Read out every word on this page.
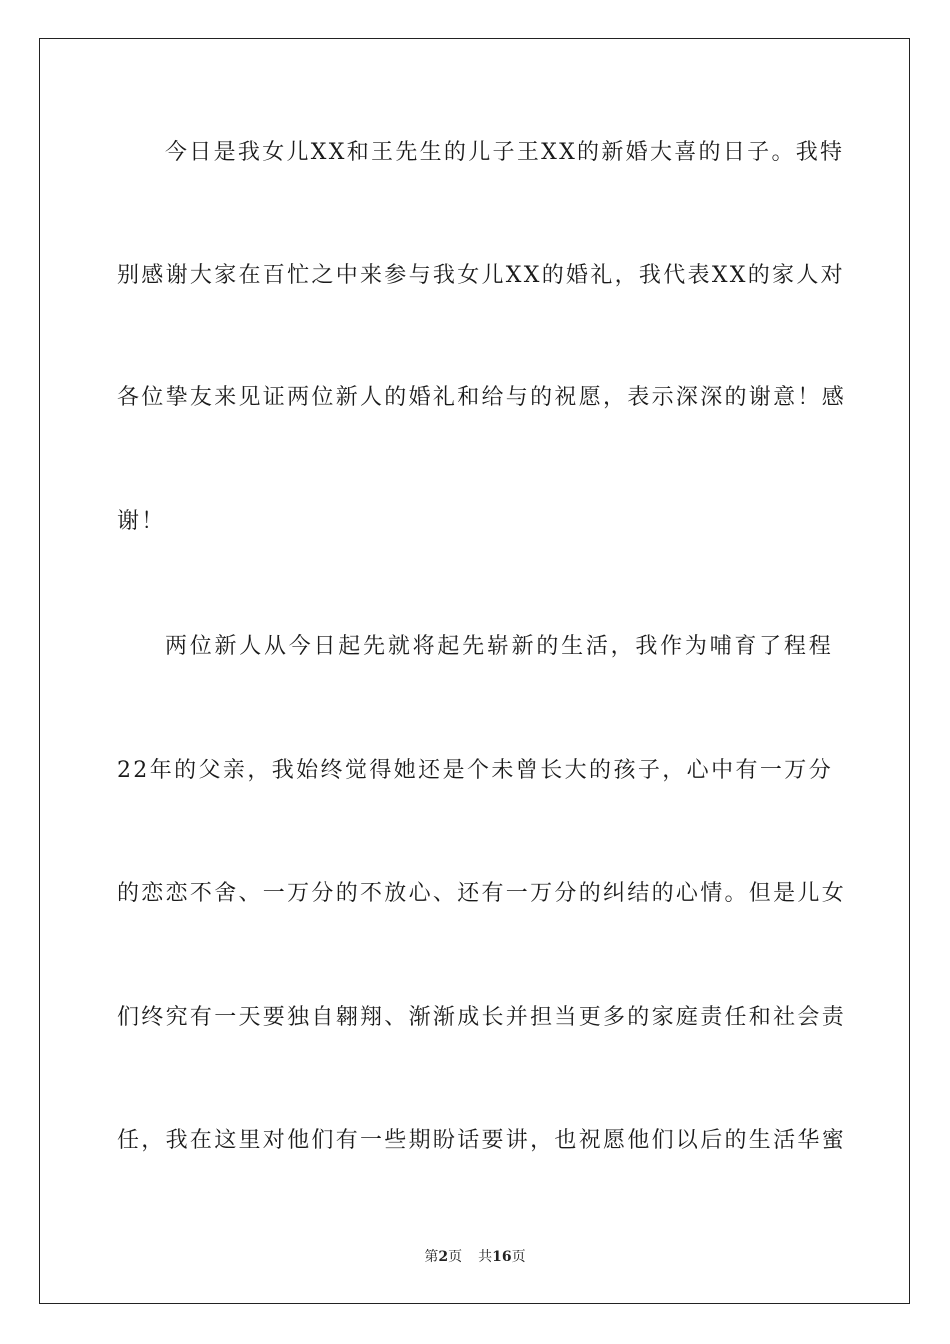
今日是我女儿XX和王先生的儿子王XX的新婚大喜的日子。我特
别感谢大家在百忙之中来参与我女儿XX的婚礼，我代表XX的家人对
各位挚友来见证两位新人的婚礼和给与的祝愿，表示深深的谢意！感
谢！
两位新人从今日起先就将起先崭新的生活，我作为哺育了程程
22年的父亲，我始终觉得她还是个未曾长大的孩子，心中有一万分
的恋恋不舍、一万分的不放心、还有一万分的纠结的心情。但是儿女
们终究有一天要独自翱翔、渐渐成长并担当更多的家庭责任和社会责
任，我在这里对他们有一些期盼话要讲，也祝愿他们以后的生活华蜜
第2页 共16页
